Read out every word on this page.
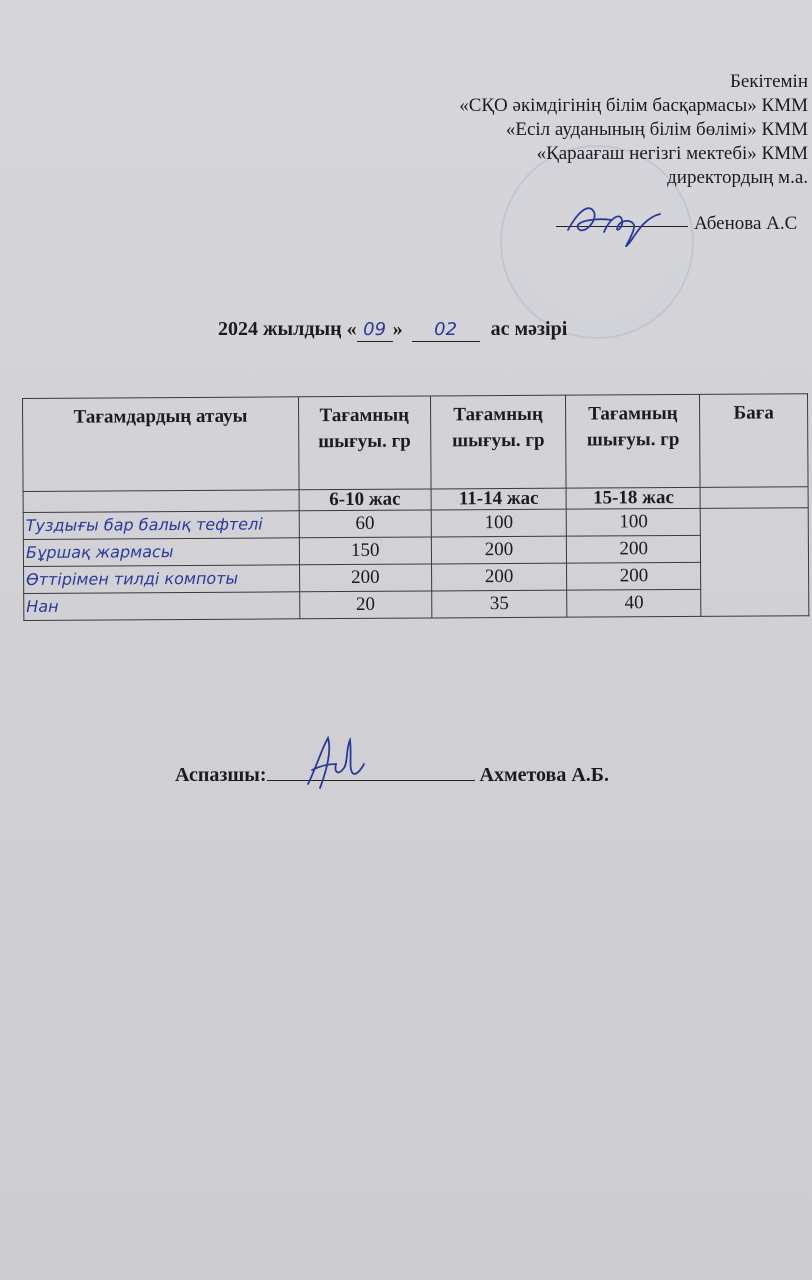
Бекітемін
«СҚО әкімдігінің білім басқармасы» КММ
«Есіл ауданының білім бөлімі» КММ
«Қараағаш негізгі мектебі» КММ
директордың м.а.
Абенова А.С
2024 жылдың « 09 » 02 ас мәзірі
Тағамдардың атауы	Тағамның шығуы. гр	Тағамның шығуы. гр	Тағамның шығуы. гр	Баға
	6-10 жас	11-14 жас	15-18 жас	
Туздығы бар балық тефтелі	60	100	100	
Бұршақ жармасы	150	200	200	
Өттірімен тилді компоты	200	200	200	
Нан	20	35	40	
Аспазшы:	Ахметова А.Б.
